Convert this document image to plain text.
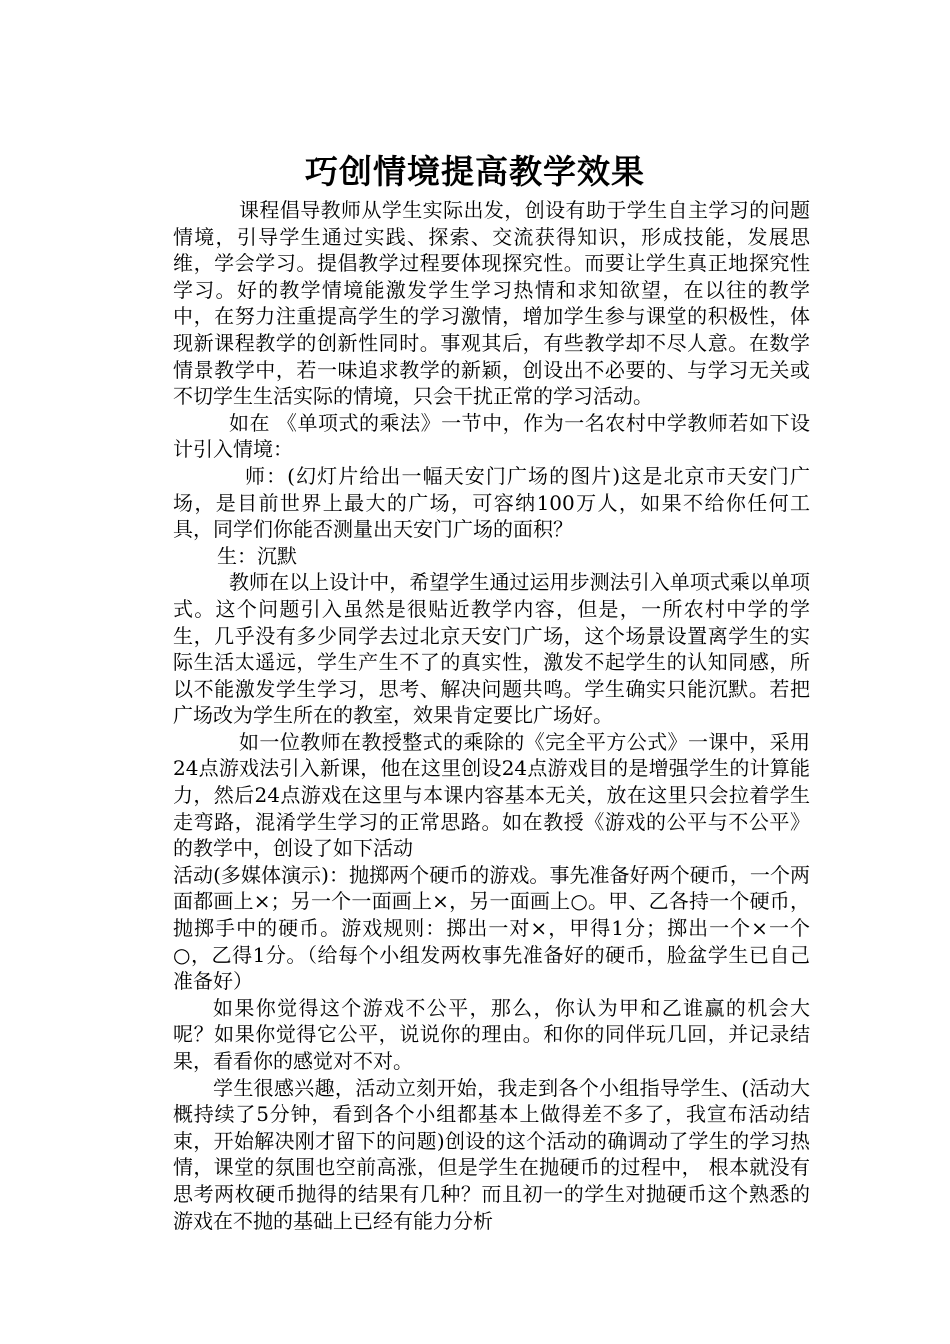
巧创情境提高教学效果

课程倡导教师从学生实际出发，创设有助于学生自主学习的问题情境，引导学生通过实践、探索、交流获得知识，形成技能，发展思维，学会学习。提倡教学过程要体现探究性。而要让学生真正地探究性学习。好的教学情境能激发学生学习热情和求知欲望，在以往的教学中，在努力注重提高学生的学习激情，增加学生参与课堂的积极性，体现新课程教学的创新性同时。事观其后，有些教学却不尽人意。在数学情景教学中，若一味追求教学的新颖，创设出不必要的、与学习无关或不切学生生活实际的情境，只会干扰正常的学习活动。

如在 《单项式的乘法》一节中，作为一名农村中学教师若如下设计引入情境：

师：(幻灯片给出一幅天安门广场的图片)这是北京市天安门广场，是目前世界上最大的广场，可容纳100万人，如果不给你任何工具，同学们你能否测量出天安门广场的面积？

生：沉默

教师在以上设计中，希望学生通过运用步测法引入单项式乘以单项式。这个问题引入虽然是很贴近教学内容，但是，一所农村中学的学生，几乎没有多少同学去过北京天安门广场，这个场景设置离学生的实际生活太遥远，学生产生不了的真实性，激发不起学生的认知同感，所以不能激发学生学习，思考、解决问题共鸣。学生确实只能沉默。若把广场改为学生所在的教室，效果肯定要比广场好。

如一位教师在教授整式的乘除的《完全平方公式》一课中，采用24点游戏法引入新课，他在这里创设24点游戏目的是增强学生的计算能力，然后24点游戏在这里与本课内容基本无关，放在这里只会拉着学生走弯路，混淆学生学习的正常思路。如在教授《游戏的公平与不公平》的教学中，创设了如下活动

活动(多媒体演示)：抛掷两个硬币的游戏。事先准备好两个硬币，一个两面都画上×；另一个一面画上×，另一面画上○。甲、乙各持一个硬币，抛掷手中的硬币。游戏规则：掷出一对×，甲得1分；掷出一个×一个○，乙得1分。（给每个小组发两枚事先准备好的硬币，脸盆学生已自己准备好）

如果你觉得这个游戏不公平，那么，你认为甲和乙谁赢的机会大呢？如果你觉得它公平，说说你的理由。和你的同伴玩几回，并记录结果，看看你的感觉对不对。

学生很感兴趣，活动立刻开始，我走到各个小组指导学生、(活动大概持续了5分钟，看到各个小组都基本上做得差不多了，我宣布活动结束，开始解决刚才留下的问题)创设的这个活动的确调动了学生的学习热情，课堂的氛围也空前高涨，但是学生在抛硬币的过程中， 根本就没有思考两枚硬币抛得的结果有几种？而且初一的学生对抛硬币这个熟悉的游戏在不抛的基础上已经有能力分析
